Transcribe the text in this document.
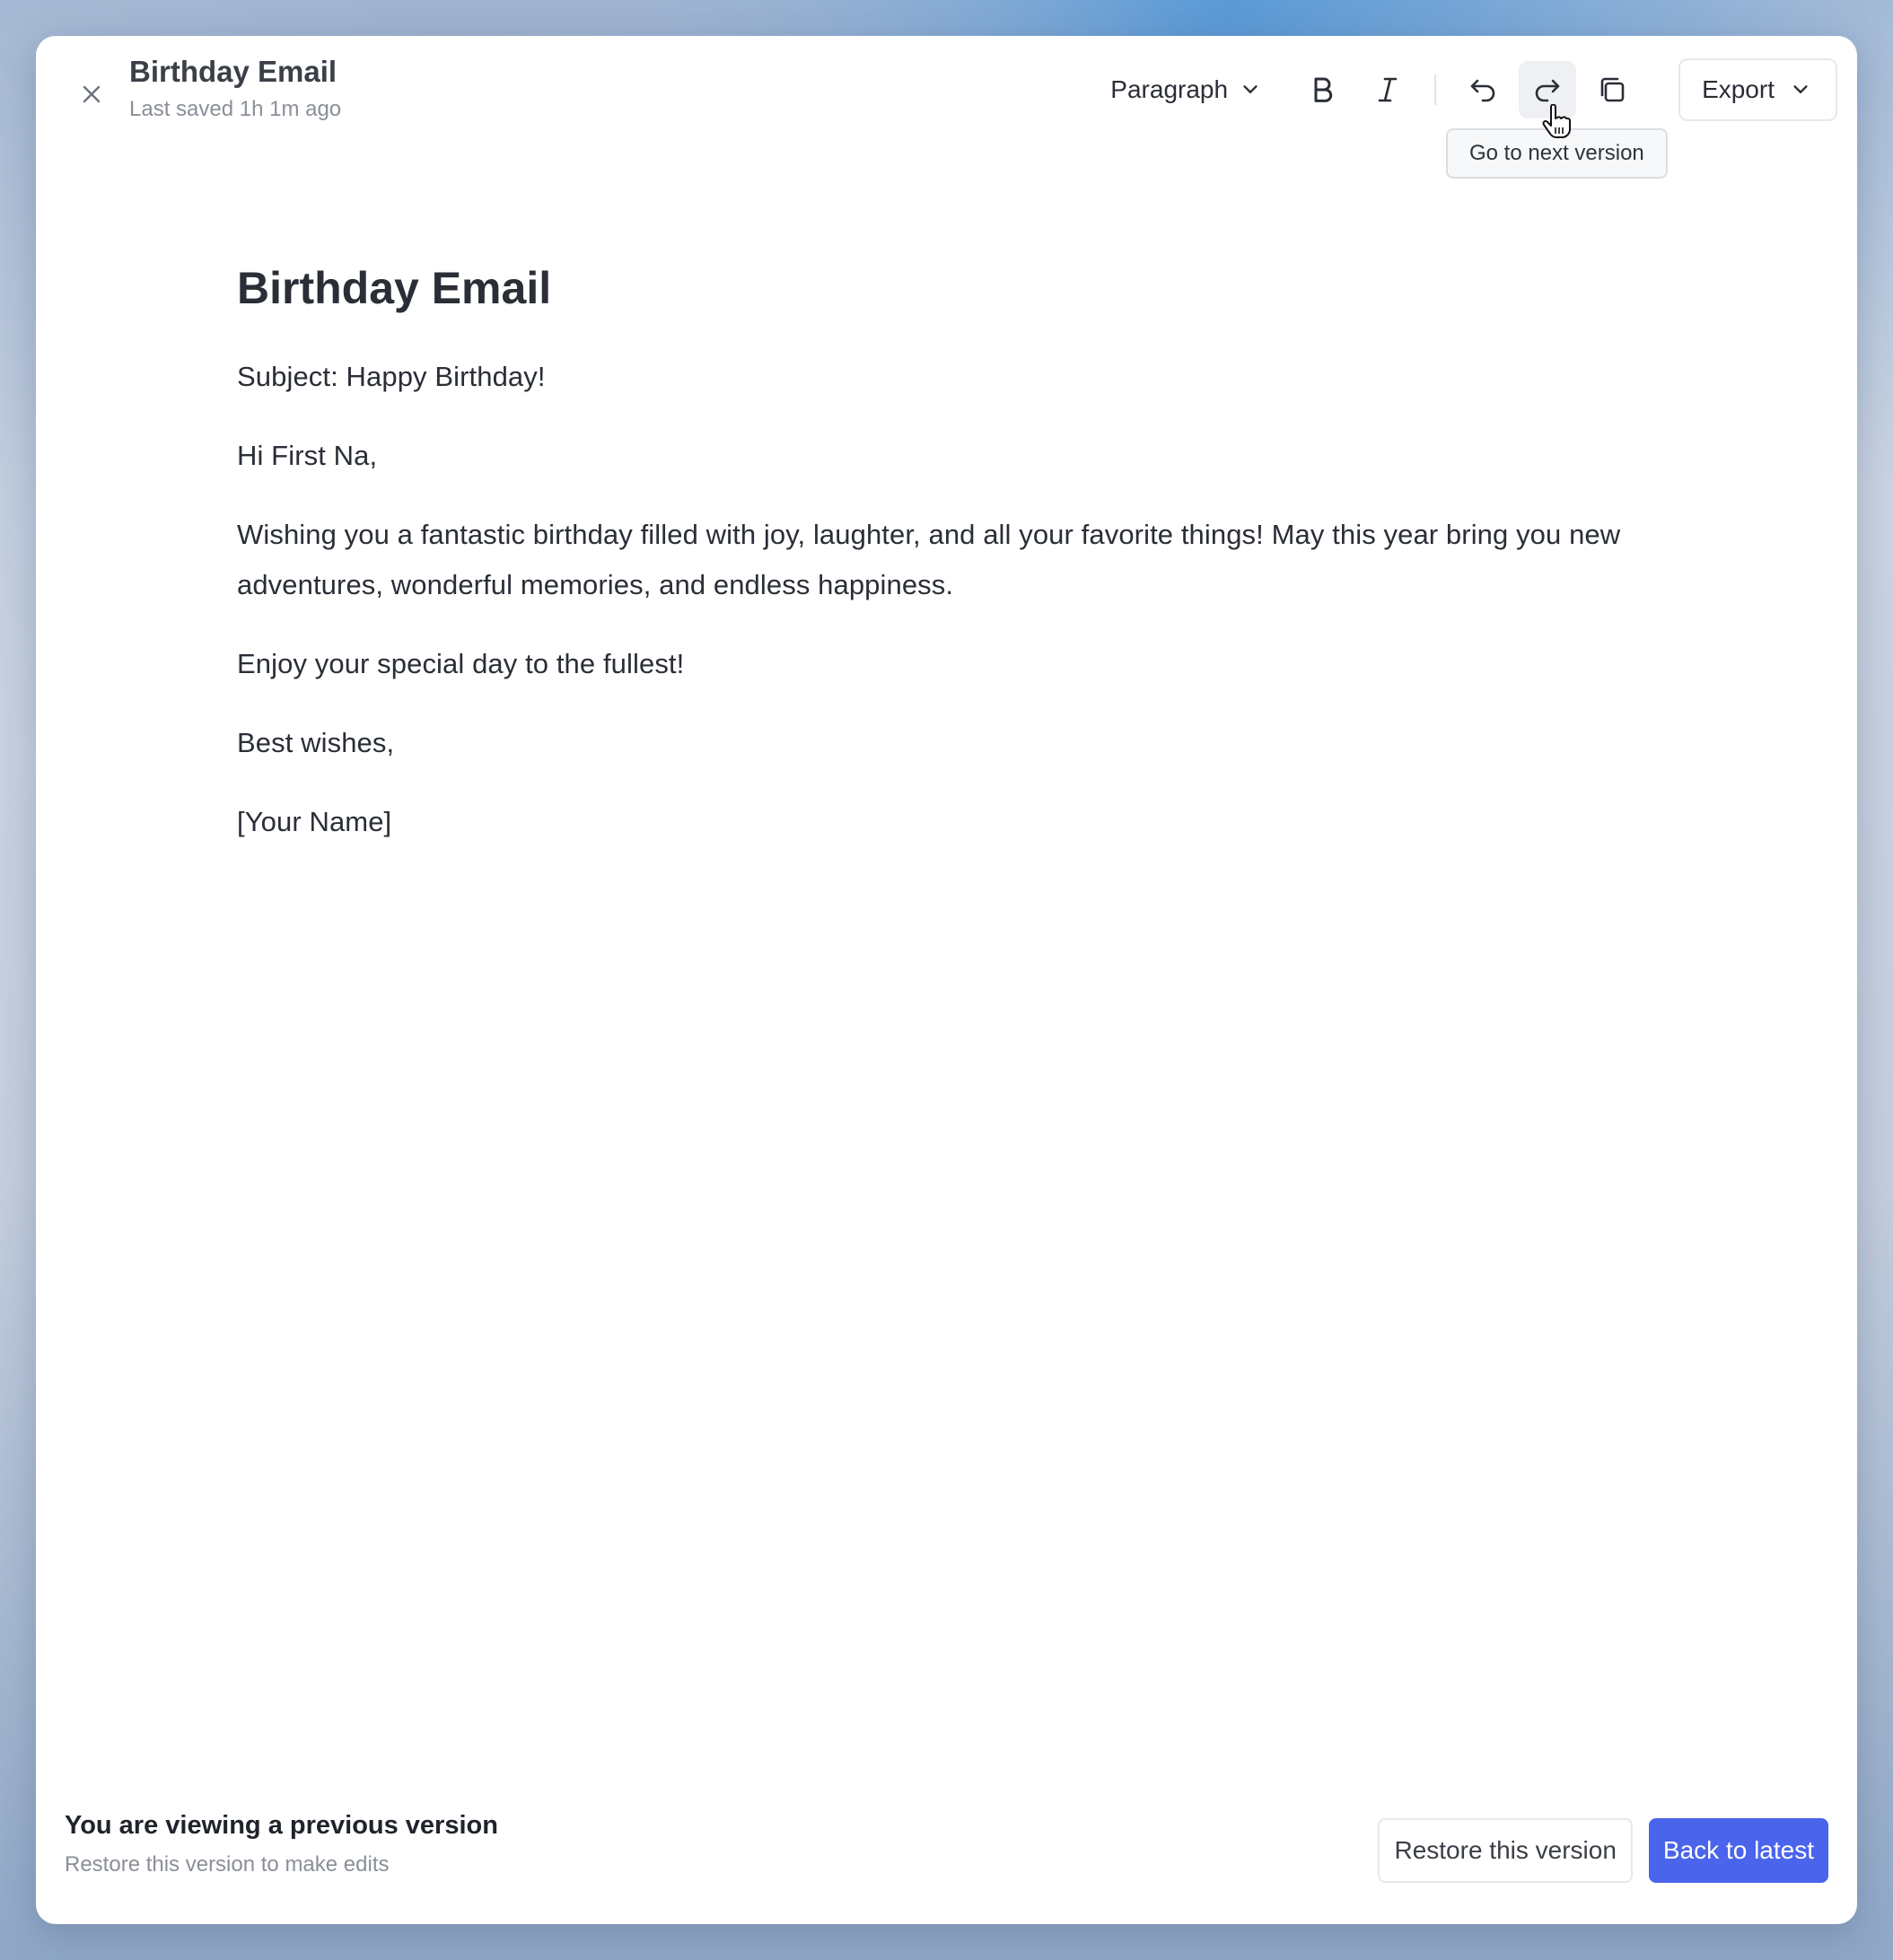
Birthday Email
Last saved 1h 1m ago
Paragraph	Export
Go to next version
Birthday Email

Subject: Happy Birthday!

Hi First Na,

Wishing you a fantastic birthday filled with joy, laughter, and all your favorite things! May this year bring you new adventures, wonderful memories, and endless happiness.

Enjoy your special day to the fullest!

Best wishes,

[Your Name]

You are viewing a previous version
Restore this version to make edits
Restore this version	Back to latest
